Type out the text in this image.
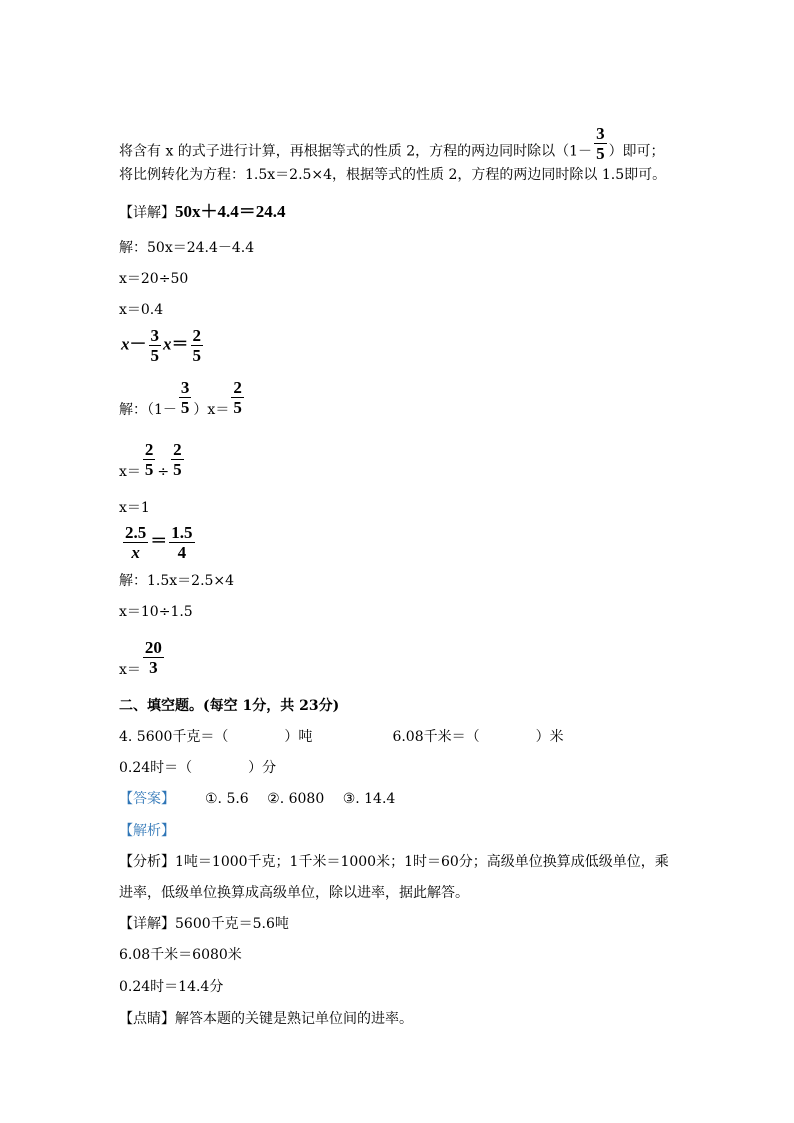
将含有 x 的式子进行计算，再根据等式的性质 2，方程的两边同时除以（$1- \frac{3}{5}$ ）即可；
将比例转化为方程：1.5x＝2.5×4，根据等式的性质 2，方程的两边同时除以 1.5即可。
【详解】50x＋4.4＝24.4
解：50x＝24.4－4.4
x＝20÷50
x＝0.4
$x- \frac{3}{5} x= \frac{2}{5}$
解：$(1- \frac{3}{5} )x= \frac{2}{5}$
$x= \frac{2}{5} \div \frac{2}{5}$
x＝1
$\frac{2.5}{x} = \frac{1.5}{4}$
解：1.5x＝2.5×4
x＝10÷1.5
$x= \frac{20}{3}$
二、填空题。(每空 1分，共 23分)
4. 5600千克＝（　　　　）吨	6.08千米＝（　　　　）米
0.24时＝（　　　　）分
【答案】 ①. 5.6　 ②. 6080　 ③. 14.4
【解析】
【分析】1吨＝1000千克；1千米＝1000米；1时＝60分；高级单位换算成低级单位，乘
进率，低级单位换算成高级单位，除以进率，据此解答。
【详解】5600千克＝5.6吨
6.08千米＝6080米
0.24时＝14.4分
【点睛】解答本题的关键是熟记单位间的进率。
